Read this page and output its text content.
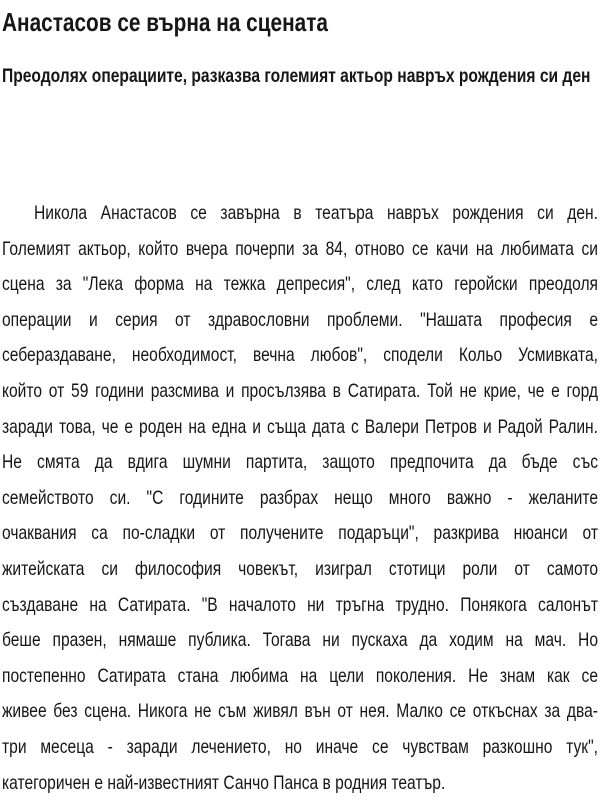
Анастасов се върна на сцената
Преодолях операциите, разказва големият актьор навръх рождения си ден
Никола Анастасов се завърна в театъра навръх рождения си ден.
Големият актьор, който вчера почерпи за 84, отново се качи на любимата си
сцена за "Лека форма на тежка депресия", след като геройски преодоля
операции и серия от здравословни проблеми. "Нашата професия е
себераздаване, необходимост, вечна любов", сподели Кольо Усмивката,
който от 59 години разсмива и просълзява в Сатирата. Той не крие, че е горд
заради това, че е роден на една и съща дата с Валери Петров и Радой Ралин.
Не смята да вдига шумни партита, защото предпочита да бъде със
семейството си. "С годините разбрах нещо много важно - желаните
очаквания са по-сладки от получените подаръци", разкрива нюанси от
житейската си философия човекът, изиграл стотици роли от самото
създаване на Сатирата. "В началото ни тръгна трудно. Понякога салонът
беше празен, нямаше публика. Тогава ни пускаха да ходим на мач. Но
постепенно Сатирата стана любима на цели поколения. Не знам как се
живее без сцена. Никога не съм живял вън от нея. Малко се откъснах за два-
три месеца - заради лечението, но иначе се чувствам разкошно тук",
категоричен е най-известният Санчо Панса в родния театър.
